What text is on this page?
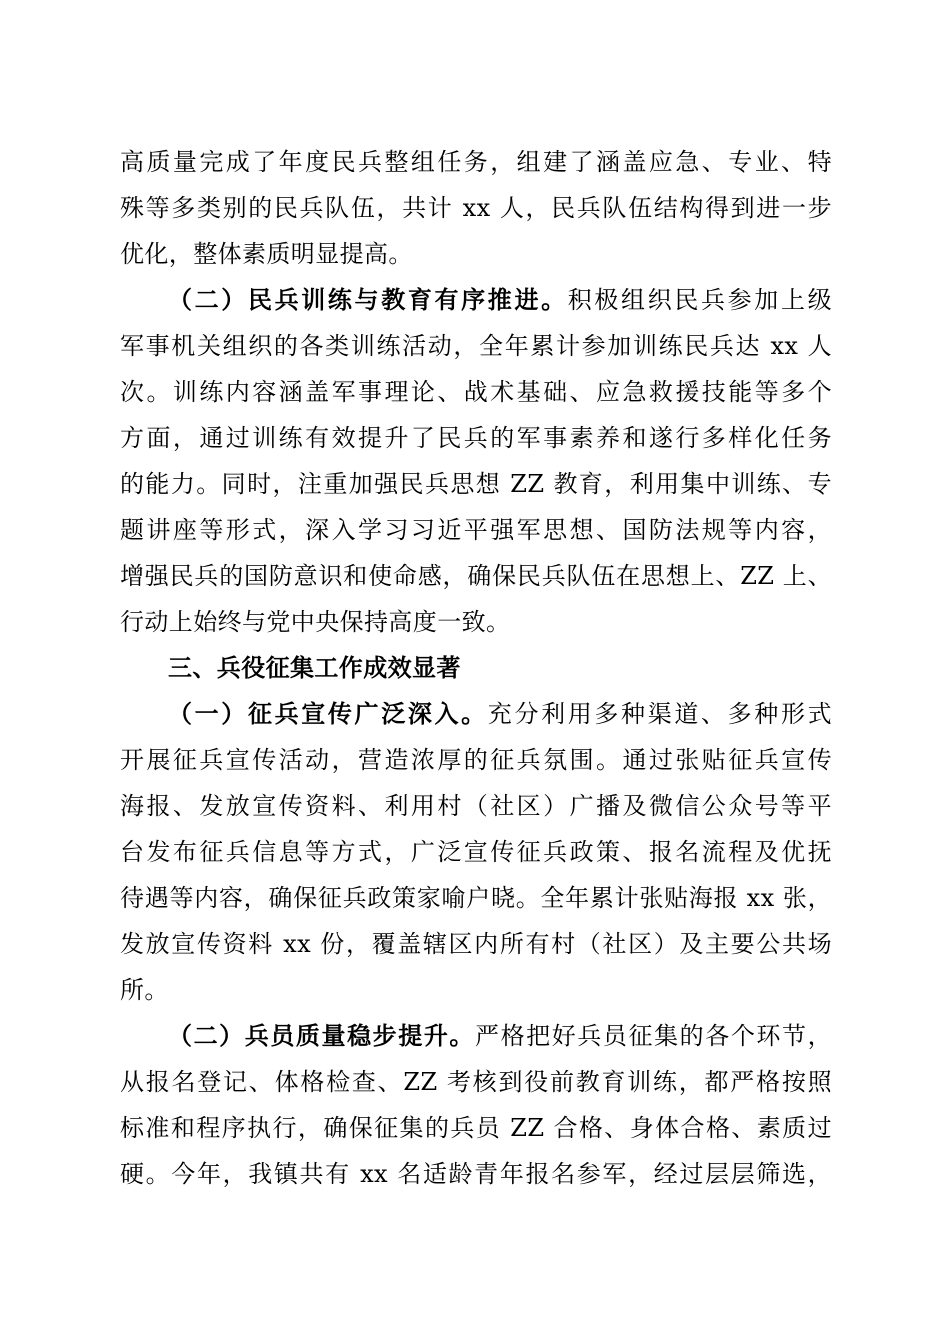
高质量完成了年度民兵整组任务，组建了涵盖应急、专业、特
殊等多类别的民兵队伍，共计 xx 人，民兵队伍结构得到进一步
优化，整体素质明显提高。
（二）民兵训练与教育有序推进。积极组织民兵参加上级
军事机关组织的各类训练活动，全年累计参加训练民兵达 xx 人
次。训练内容涵盖军事理论、战术基础、应急救援技能等多个
方面，通过训练有效提升了民兵的军事素养和遂行多样化任务
的能力。同时，注重加强民兵思想 ZZ 教育，利用集中训练、专
题讲座等形式，深入学习习近平强军思想、国防法规等内容，
增强民兵的国防意识和使命感，确保民兵队伍在思想上、ZZ 上、
行动上始终与党中央保持高度一致。
三、兵役征集工作成效显著
（一）征兵宣传广泛深入。充分利用多种渠道、多种形式
开展征兵宣传活动，营造浓厚的征兵氛围。通过张贴征兵宣传
海报、发放宣传资料、利用村（社区）广播及微信公众号等平
台发布征兵信息等方式，广泛宣传征兵政策、报名流程及优抚
待遇等内容，确保征兵政策家喻户晓。全年累计张贴海报 xx 张，
发放宣传资料 xx 份，覆盖辖区内所有村（社区）及主要公共场
所。
（二）兵员质量稳步提升。严格把好兵员征集的各个环节，
从报名登记、体格检查、ZZ 考核到役前教育训练，都严格按照
标准和程序执行，确保征集的兵员 ZZ 合格、身体合格、素质过
硬。今年，我镇共有 xx 名适龄青年报名参军，经过层层筛选，
